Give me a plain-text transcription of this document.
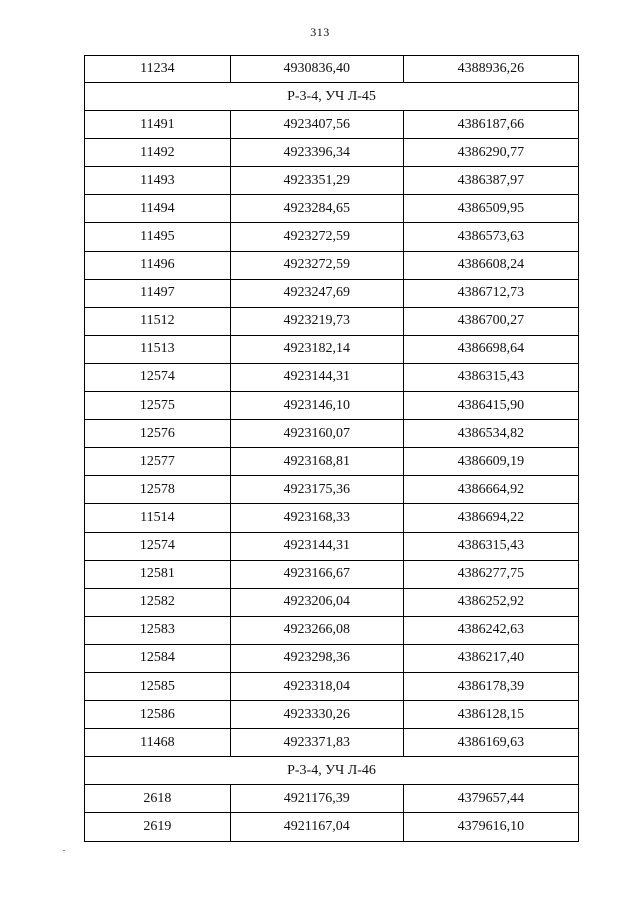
313
11234	4930836,40	4388936,26
Р-3-4, УЧ Л-45		
11491	4923407,56	4386187,66
11492	4923396,34	4386290,77
11493	4923351,29	4386387,97
11494	4923284,65	4386509,95
11495	4923272,59	4386573,63
11496	4923272,59	4386608,24
11497	4923247,69	4386712,73
11512	4923219,73	4386700,27
11513	4923182,14	4386698,64
12574	4923144,31	4386315,43
12575	4923146,10	4386415,90
12576	4923160,07	4386534,82
12577	4923168,81	4386609,19
12578	4923175,36	4386664,92
11514	4923168,33	4386694,22
12574	4923144,31	4386315,43
12581	4923166,67	4386277,75
12582	4923206,04	4386252,92
12583	4923266,08	4386242,63
12584	4923298,36	4386217,40
12585	4923318,04	4386178,39
12586	4923330,26	4386128,15
11468	4923371,83	4386169,63
Р-3-4, УЧ Л-46		
2618	4921176,39	4379657,44
2619	4921167,04	4379616,10
